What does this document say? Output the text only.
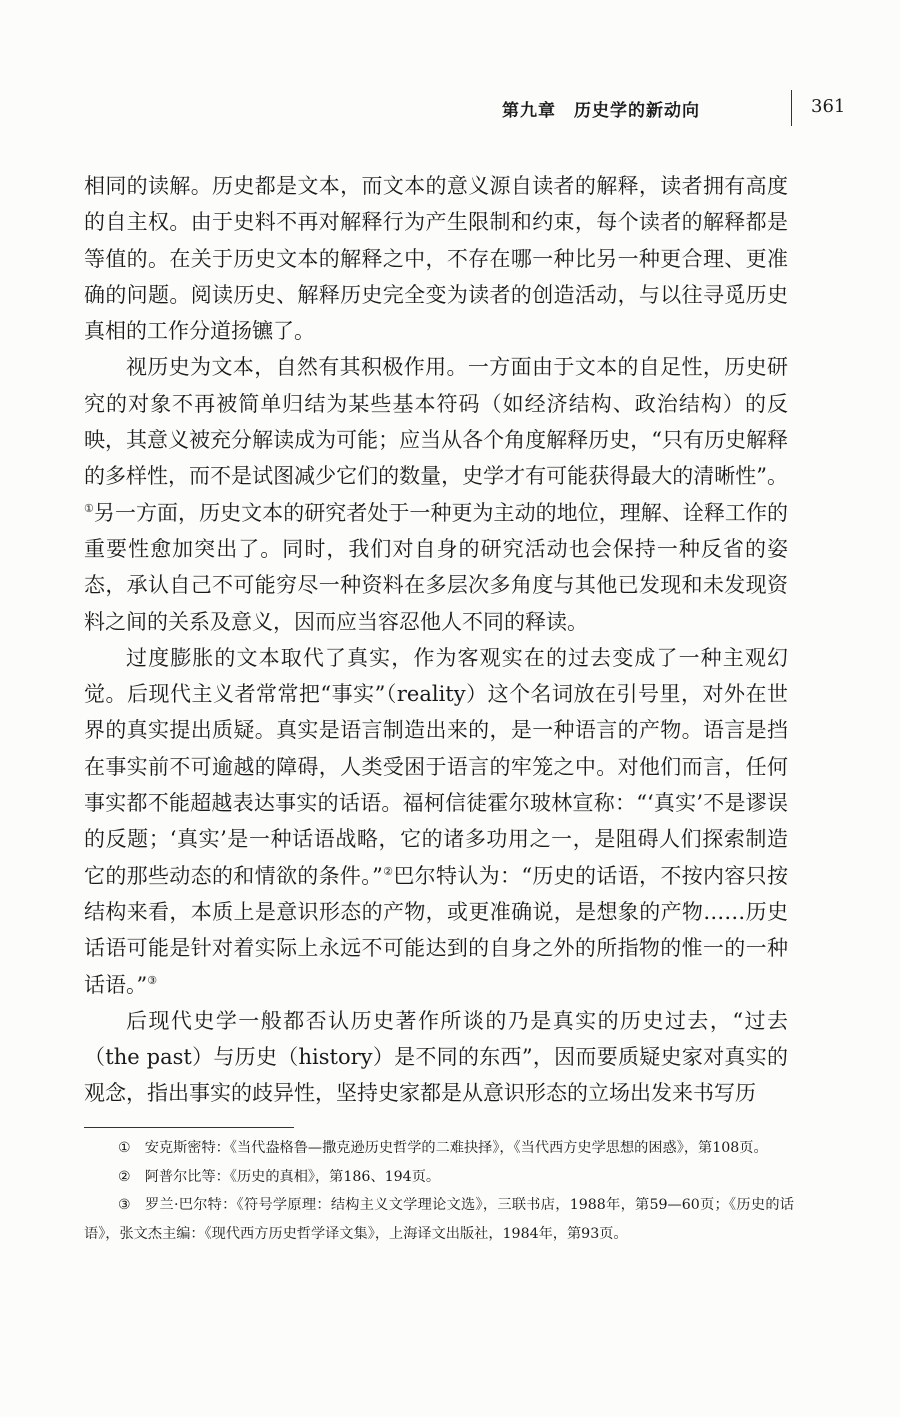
第九章　历史学的新动向	361

相同的读解。历史都是文本，而文本的意义源自读者的解释，读者拥有高度的自主权。由于史料不再对解释行为产生限制和约束，每个读者的解释都是等值的。在关于历史文本的解释之中，不存在哪一种比另一种更合理、更准确的问题。阅读历史、解释历史完全变为读者的创造活动，与以往寻觅历史真相的工作分道扬镳了。

视历史为文本，自然有其积极作用。一方面由于文本的自足性，历史研究的对象不再被简单归结为某些基本符码（如经济结构、政治结构）的反映，其意义被充分解读成为可能；应当从各个角度解释历史，“只有历史解释的多样性，而不是试图减少它们的数量，史学才有可能获得最大的清晰性”。①另一方面，历史文本的研究者处于一种更为主动的地位，理解、诠释工作的重要性愈加突出了。同时，我们对自身的研究活动也会保持一种反省的姿态，承认自己不可能穷尽一种资料在多层次多角度与其他已发现和未发现资料之间的关系及意义，因而应当容忍他人不同的释读。

过度膨胀的文本取代了真实，作为客观实在的过去变成了一种主观幻觉。后现代主义者常常把“事实”（reality）这个名词放在引号里，对外在世界的真实提出质疑。真实是语言制造出来的，是一种语言的产物。语言是挡在事实前不可逾越的障碍，人类受困于语言的牢笼之中。对他们而言，任何事实都不能超越表达事实的话语。福柯信徒霍尔玻林宣称：“‘真实’不是谬误的反题；‘真实’是一种话语战略，它的诸多功用之一，是阻碍人们探索制造它的那些动态的和情欲的条件。”②巴尔特认为：“历史的话语，不按内容只按结构来看，本质上是意识形态的产物，或更准确说，是想象的产物……历史话语可能是针对着实际上永远不可能达到的自身之外的所指物的惟一的一种话语。”③

后现代史学一般都否认历史著作所谈的乃是真实的历史过去，“过去（the past）与历史（history）是不同的东西”，因而要质疑史家对真实的观念，指出事实的歧异性，坚持史家都是从意识形态的立场出发来书写历

① 安克斯密特：《当代盎格鲁—撒克逊历史哲学的二难抉择》，《当代西方史学思想的困惑》，第108页。

② 阿普尔比等：《历史的真相》，第186、194页。

③ 罗兰·巴尔特：《符号学原理：结构主义文学理论文选》，三联书店，1988年，第59—60页；《历史的话语》，张文杰主编：《现代西方历史哲学译文集》，上海译文出版社，1984年，第93页。
